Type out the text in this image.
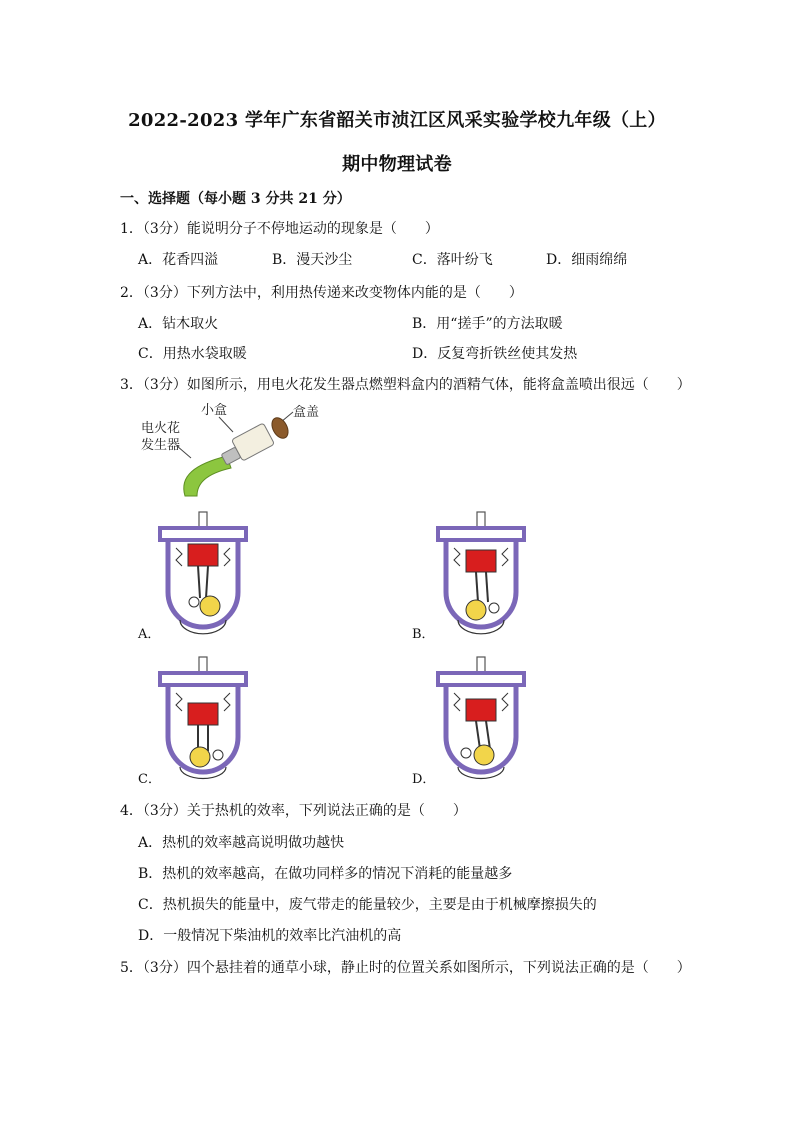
2022-2023 学年广东省韶关市浈江区风采实验学校九年级（上）
期中物理试卷
一、选择题（每小题 3 分共 21 分）
1．（3分）能说明分子不停地运动的现象是（　　）
A．花香四溢	B．漫天沙尘	C．落叶纷飞	D．细雨绵绵
2．（3分）下列方法中，利用热传递来改变物体内能的是（　　）
A．钻木取火	B．用“搓手”的方法取暖
C．用热水袋取暖	D．反复弯折铁丝使其发热
3．（3分）如图所示，用电火花发生器点燃塑料盒内的酒精气体，能将盒盖喷出很远（　　）
小盒	盒盖
电火花
发生器
A．	B．
C．	D．
4．（3分）关于热机的效率，下列说法正确的是（　　）
A．热机的效率越高说明做功越快
B．热机的效率越高，在做功同样多的情况下消耗的能量越多
C．热机损失的能量中，废气带走的能量较少，主要是由于机械摩擦损失的
D．一般情况下柴油机的效率比汽油机的高
5．（3分）四个悬挂着的通草小球，静止时的位置关系如图所示，下列说法正确的是（　　）
